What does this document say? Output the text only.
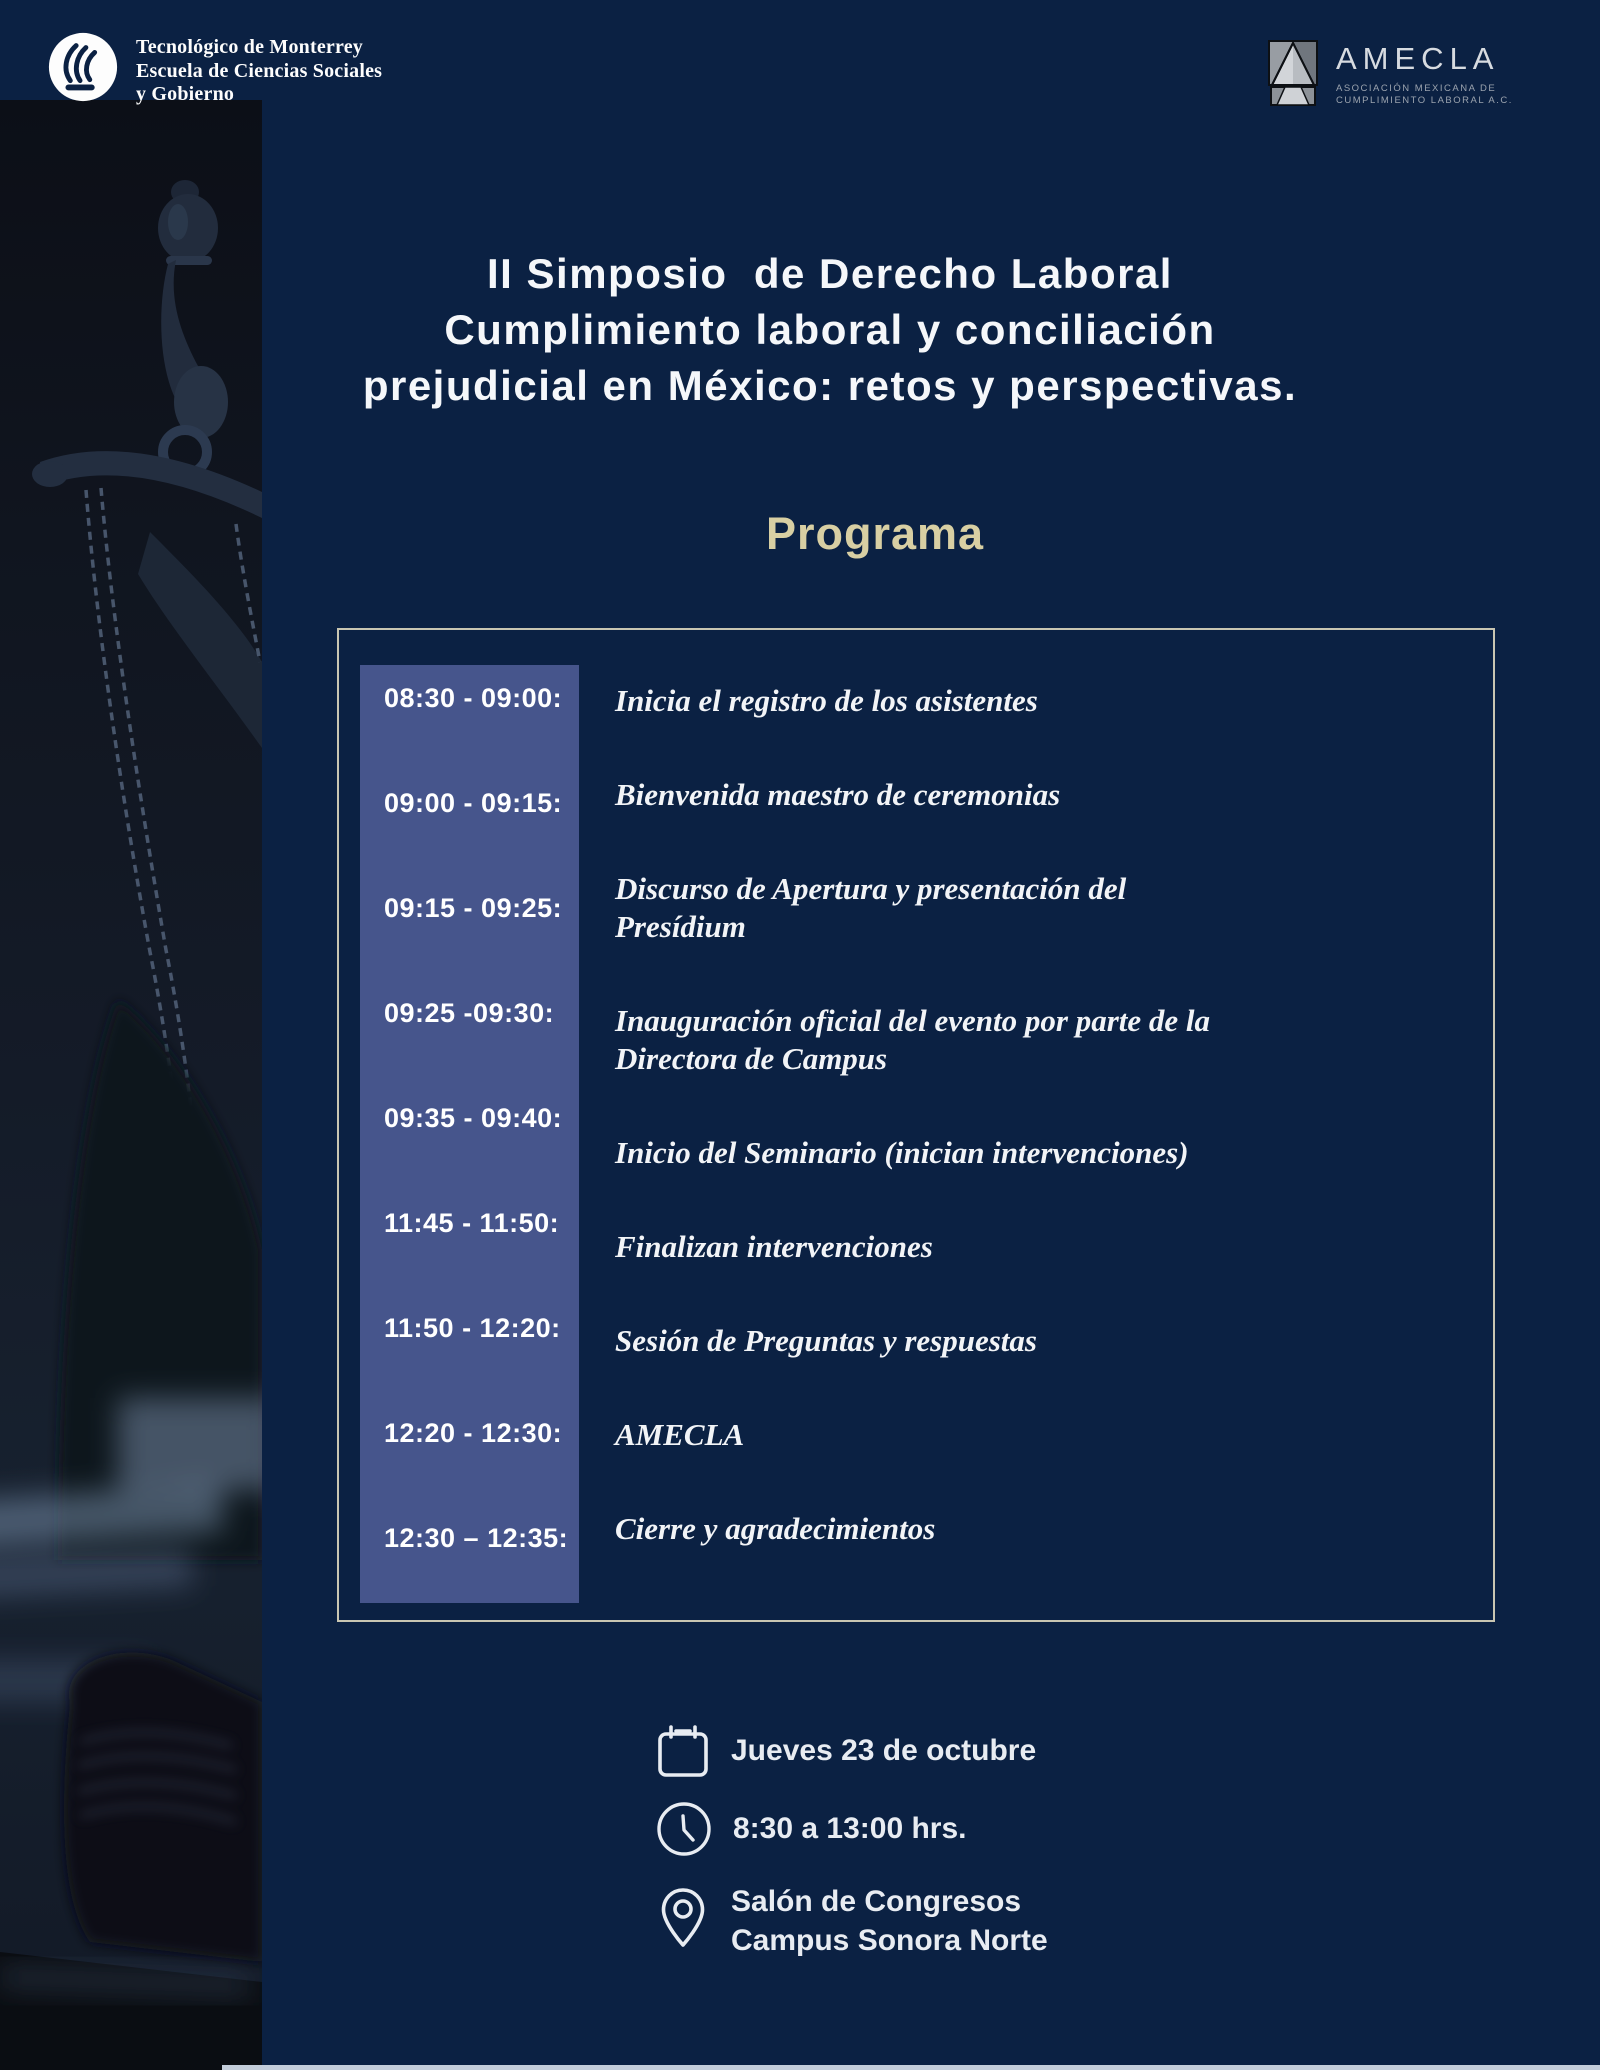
Tecnológico de Monterrey
Escuela de Ciencias Sociales
y Gobierno
AMECLA
ASOCIACIÓN MEXICANA DE
CUMPLIMIENTO LABORAL A.C.
II Simposio  de Derecho Laboral
Cumplimiento laboral y conciliación
prejudicial en México: retos y perspectivas.
Programa
08:30 - 09:00:
09:00 - 09:15:
09:15 - 09:25:
09:25 -09:30:
09:35 - 09:40:
11:45 - 11:50:
11:50 - 12:20:
12:20 - 12:30:
12:30 – 12:35:
Inicia el registro de los asistentes
Bienvenida maestro de ceremonias
Discurso de Apertura y presentación del Presídium
Inauguración oficial del evento por parte de la Directora de Campus
Inicio del Seminario (inician intervenciones)
Finalizan intervenciones
Sesión de Preguntas y respuestas
AMECLA
Cierre y agradecimientos
Jueves 23 de octubre
8:30 a 13:00 hrs.
Salón de Congresos
Campus Sonora Norte
